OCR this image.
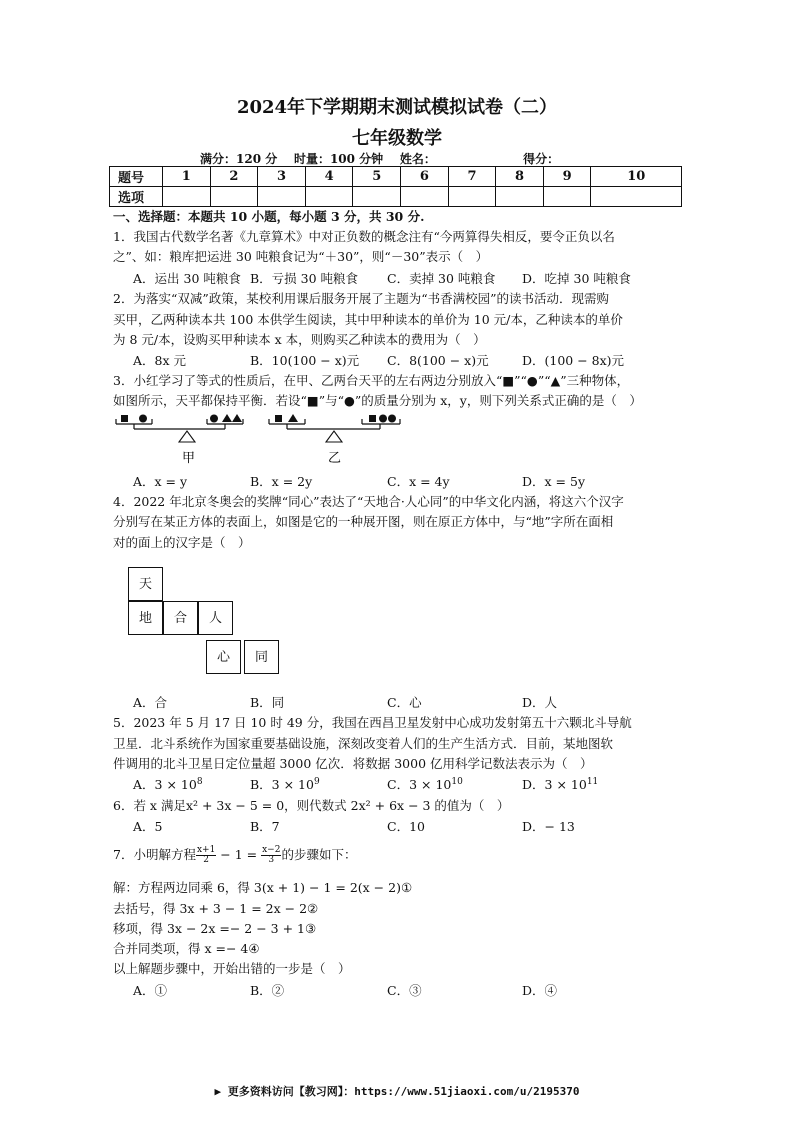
2024年下学期期末测试模拟试卷（二）
七年级数学
满分：120 分 时量：100 分钟 姓名：	得分：
题号	1	2	3	4	5	6	7	8	9	10
选项										
一、选择题：本题共 10 小题，每小题 3 分，共 30 分.
1．我国古代数学名著《九章算术》中对正负数的概念注有“今两算得失相反，要令正负以名
之”、如：粮库把运进 30 吨粮食记为“＋30”，则“－30”表示（　）
A．运出 30 吨粮食 B．亏损 30 吨粮食 C．卖掉 30 吨粮食 D．吃掉 30 吨粮食
2．为落实“双减”政策，某校利用课后服务开展了主题为“书香满校园”的读书活动．现需购
买甲，乙两种读本共 100 本供学生阅读，其中甲种读本的单价为 10 元/本，乙种读本的单价
为 8 元/本，设购买甲种读本 x 本，则购买乙种读本的费用为（　）
A．8x 元	B．10(100 − x)元 C．8(100 − x)元	D．(100 − 8x)元
3．小红学习了等式的性质后，在甲、乙两台天平的左右两边分别放入“■”“●”“▲”三种物体，
如图所示，天平都保持平衡．若设“■”与“●”的质量分别为 x，y，则下列关系式正确的是（　）
甲	乙
A．x = y	B．x = 2y	C．x = 4y	D．x = 5y
4．2022 年北京冬奥会的奖牌“同心”表达了“天地合·人心同”的中华文化内涵，将这六个汉字
分别写在某正方体的表面上，如图是它的一种展开图，则在原正方体中，与“地”字所在面相
对的面上的汉字是（　）
天
地	合	人
心	同
A．合	B．同	C．心	D．人
5．2023 年 5 月 17 日 10 时 49 分，我国在西昌卫星发射中心成功发射第五十六颗北斗导航
卫星．北斗系统作为国家重要基础设施，深刻改变着人们的生产生活方式．目前，某地图软
件调用的北斗卫星日定位量超 3000 亿次．将数据 3000 亿用科学记数法表示为（　）
A．$3 \times 10^8$	B．$3 \times 10^9$	C．$3 \times 10^{10}$	D．$3 \times 10^{11}$
6．若 x 满足x² + 3x − 5 = 0，则代数式 2x² + 6x − 3 的值为（　）
A．5	B．7	C．10	D．− 13
7．小明解方程 $\frac{x+1}{2} - 1 = \frac{x-2}{3}$ 的步骤如下：
解：方程两边同乘 6，得 3(x + 1) − 1 = 2(x − 2)①
去括号，得 3x + 3 − 1 = 2x − 2②
移项，得 3x − 2x =− 2 − 3 + 1③
合并同类项，得 x =− 4④
以上解题步骤中，开始出错的一步是（　）
A．①	B．②	C．③	D．④
▶ 更多资料访问【教习网】：https://www.51jiaoxi.com/u/2195370
